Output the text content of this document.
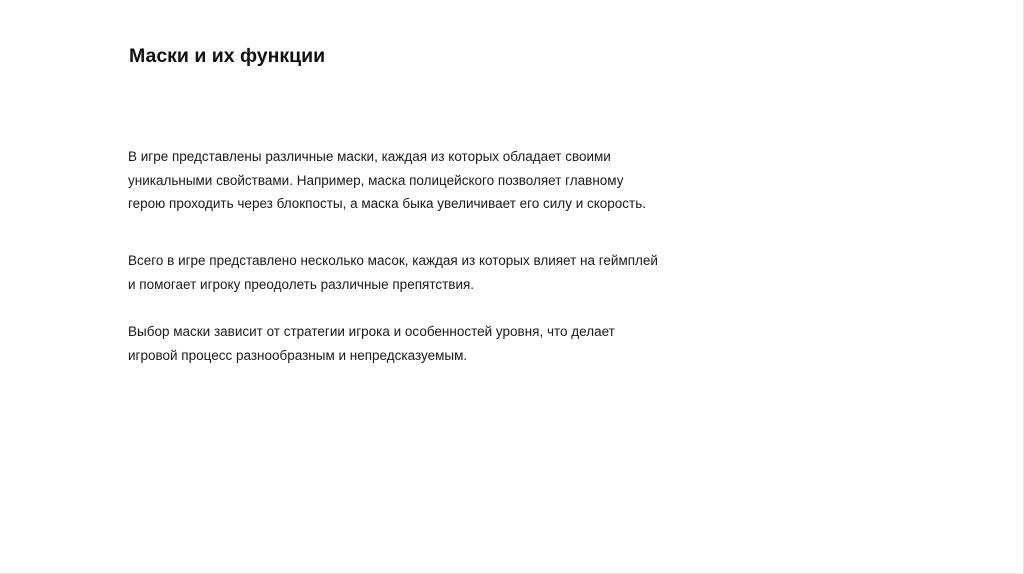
Маски и их функции
В игре представлены различные маски, каждая из которых обладает своими
уникальными свойствами. Например, маска полицейского позволяет главному
герою проходить через блокпосты, а маска быка увеличивает его силу и скорость.
Всего в игре представлено несколько масок, каждая из которых влияет на геймплей
и помогает игроку преодолеть различные препятствия.
Выбор маски зависит от стратегии игрока и особенностей уровня, что делает
игровой процесс разнообразным и непредсказуемым.
